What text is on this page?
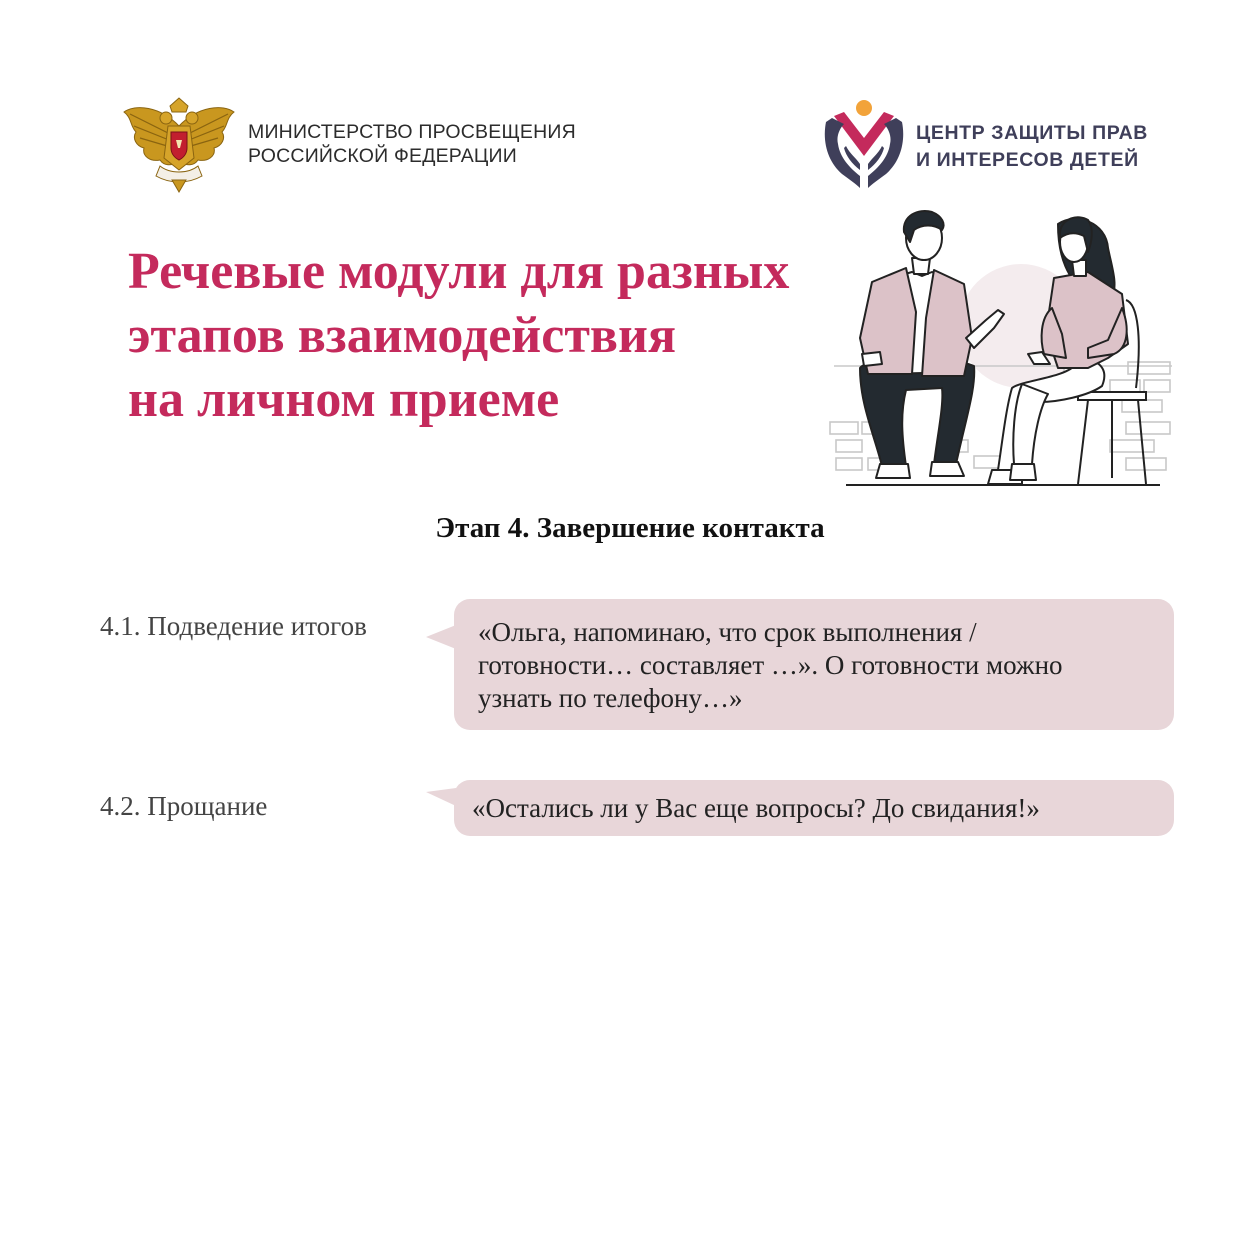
МИНИСТЕРСТВО ПРОСВЕЩЕНИЯ
РОССИЙСКОЙ ФЕДЕРАЦИИ
ЦЕНТР ЗАЩИТЫ ПРАВ
И ИНТЕРЕСОВ ДЕТЕЙ
Речевые модули для разных
этапов взаимодействия
на личном приеме
Этап 4. Завершение контакта
4.1. Подведение итогов	«Ольга, напоминаю, что срок выполнения /
готовности… составляет …». О готовности можно
узнать по телефону…»
4.2. Прощание	«Остались ли у Вас еще вопросы? До свидания!»
